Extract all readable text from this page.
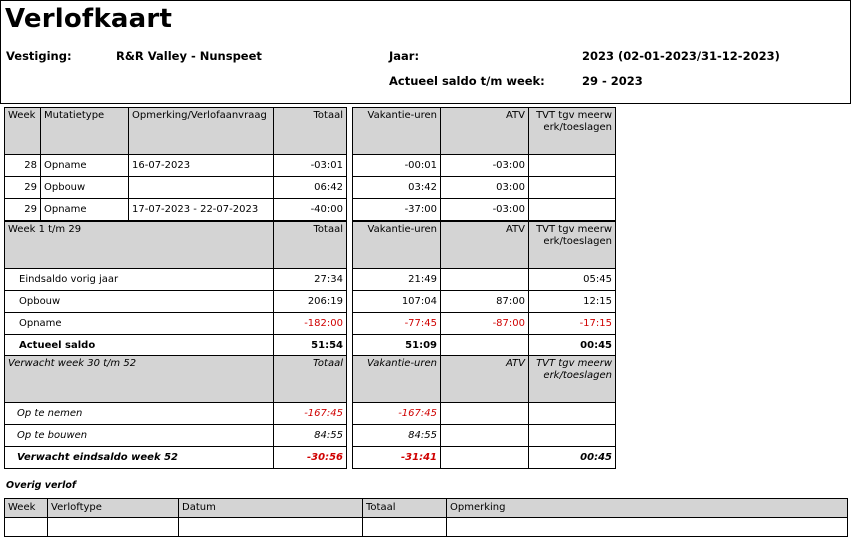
Verlofkaart
Vestiging:	R&R Valley - Nunspeet	Jaar:	2023 (02-01-2023/31-12-2023)
Actueel saldo t/m week:	29 - 2023
Week	Mutatietype	Opmerking/Verlofaanvraag	Totaal
28	Opname	16-07-2023	-03:01
29	Opbouw		06:42
29	Opname	17-07-2023 - 22-07-2023	-40:00
Vakantie-uren	ATV	TVT tgv meerwerk/toeslagen
-00:01	-03:00	
03:42	03:00	
-37:00	-03:00	
Week 1 t/m 29	Totaal
Eindsaldo vorig jaar	27:34
Opbouw	206:19
Opname	-182:00
Actueel saldo	51:54
Vakantie-uren	ATV	TVT tgv meerwerk/toeslagen
21:49		05:45
107:04	87:00	12:15
-77:45	-87:00	-17:15
51:09		00:45
Verwacht week 30 t/m 52	Totaal
Op te nemen	-167:45
Op te bouwen	84:55
Verwacht eindsaldo week 52	-30:56
Vakantie-uren	ATV	TVT tgv meerwerk/toeslagen
-167:45		
84:55		
-31:41		00:45
Overig verlof
Week	Verloftype	Datum	Totaal	Opmerking
